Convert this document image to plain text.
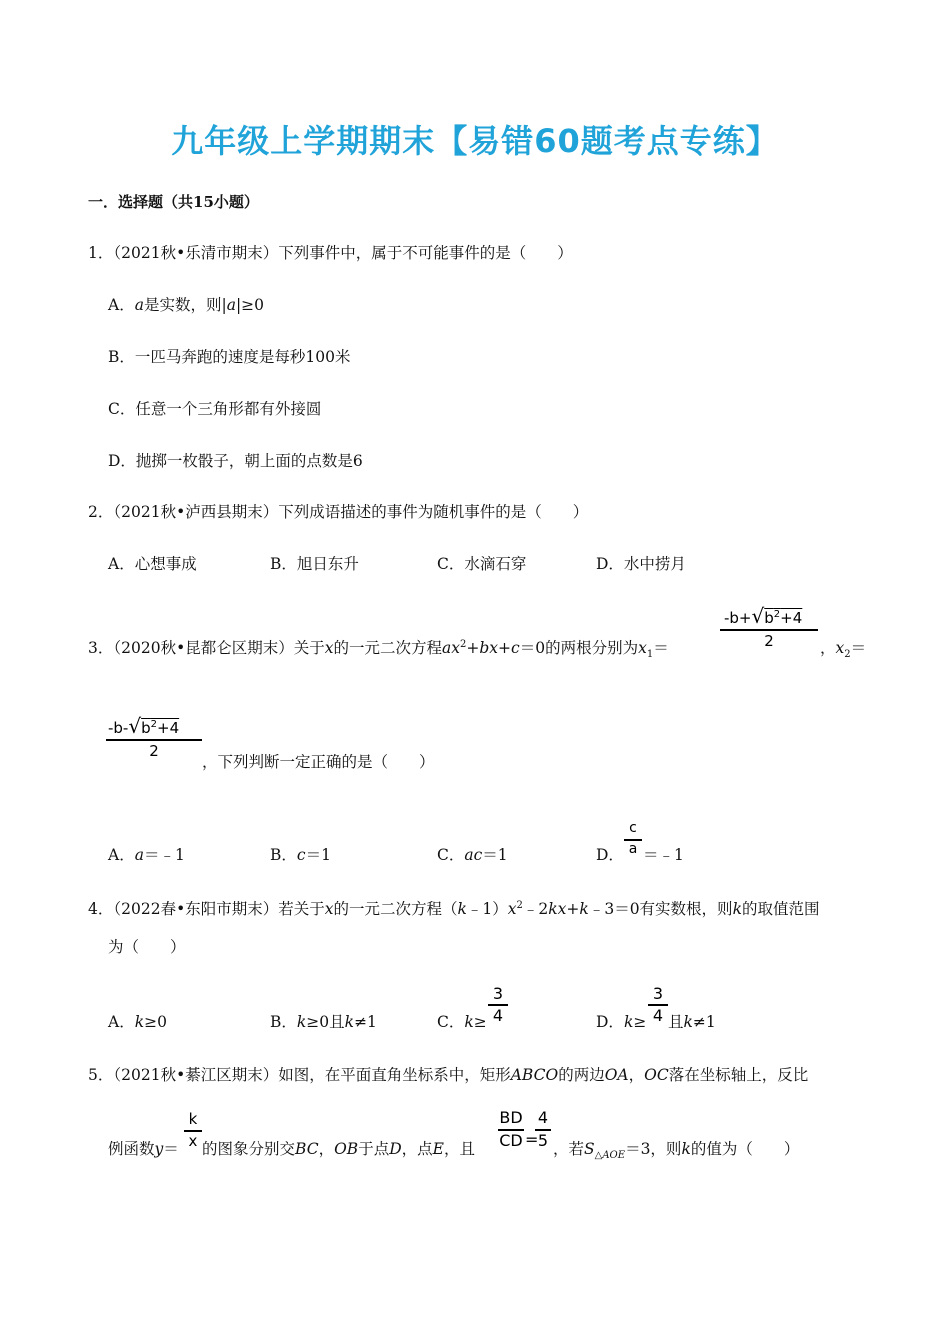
九年级上学期期末【易错60题考点专练】
一．选择题（共15小题）
1．（2021秋•乐清市期末）下列事件中，属于不可能事件的是（　　）
A．a是实数，则|a|≥0
B．一匹马奔跑的速度是每秒100米
C．任意一个三角形都有外接圆
D．抛掷一枚骰子，朝上面的点数是6
2．（2021秋•泸西县期末）下列成语描述的事件为随机事件的是（　　）
A．心想事成	B．旭日东升	C．水滴石穿	D．水中捞月
3．（2020秋•昆都仑区期末）关于x的一元二次方程$ax^2+bx+c=0$的两根分别为$x_1=$
$-b+√b^2+4$
2	，$x_2=$
$-b-√b^2+4$
2
，下列判断一定正确的是（　　）
A．a＝﹣1	B．c＝1	C．ac＝1	D．
c
a ＝﹣1
4．（2022春•东阳市期末）若关于x的一元二次方程$(k﹣1)x^2﹣2kx+k﹣3=0$有实数根，则k的取值范围
为（　　）
A．k≥0	B．k≥0且k≠1	C．k≥
3
4	D．k≥
3
4 且k≠1
5．（2021秋•綦江区期末）如图，在平面直角坐标系中，矩形ABCO的两边OA，OC落在坐标轴上，反比
例函数y＝
k
x 的图象分别交BC，OB于点D，点E，且
BD
CD =
4
5 ，若$S_{\triangle AOE}=3$，则k的值为（　　）
